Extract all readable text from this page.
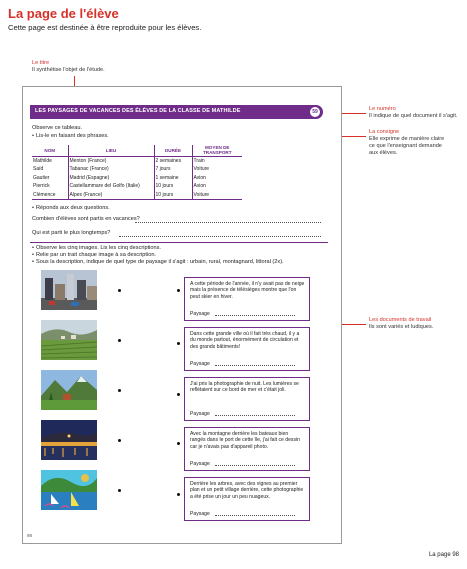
La page de l'élève
Cette page est destinée à être reproduite pour les élèves.
Le titre
Il synthétise l'objet de l'étude.
Le numéro
Il indique de quel document il s'agit.
La consigne
Elle exprime de manière claire
ce que l'enseignant demande
aux élèves.
Les documents de travail
Ils sont variés et ludiques.
LES PAYSAGES DE VACANCES DES ÉLÈVES DE LA CLASSE DE MATHILDE	59
Observe ce tableau.
• Lis-le en faisant des phrases.
NOM	LIEU	DURÉE	MOYEN DE TRANSPORT
Mathilde	Menton (France)	2 semaines	Train
Saïd	Tabanac (France)	7 jours	Voiture
Gautier	Madrid (Espagne)	1 semaine	Avion
Pierrick	Castellammare del Golfo (Italie)	10 jours	Avion
Clémence	Alpes (France)	10 jours	Voiture
• Réponds aux deux questions.
Combien d'élèves sont partis en vacances?
Qui est parti le plus longtemps?
• Observe les cinq images. Lis les cinq descriptions.
• Relie par un trait chaque image à sa description.
• Sous la description, indique de quel type de paysage il s'agit : urbain, rural, montagnard, littoral (2x).
A cette période de l'année, il n'y avait pas de neige mais la présence de télésièges montre que l'on peut skier en hiver.
Paysage
Dans cette grande ville où il fait très chaud, il y a du monde partout, énormément de circulation et des grands bâtiments!
Paysage
J'ai pris la photographie de nuit. Les lumières se reflètaient sur ce bord de mer et c'était joli.
Paysage
Avec la montagne derrière les bateaux bien rangés dans le port de cette île, j'ai fait ce dessin car je n'avais pas d'appareil photo.
Paysage
Derrière les arbres, avec des vignes au premier plan et un petit village derrière, cette photographie a été prise un jour un peu nuageux.
Paysage
98
La page 98
